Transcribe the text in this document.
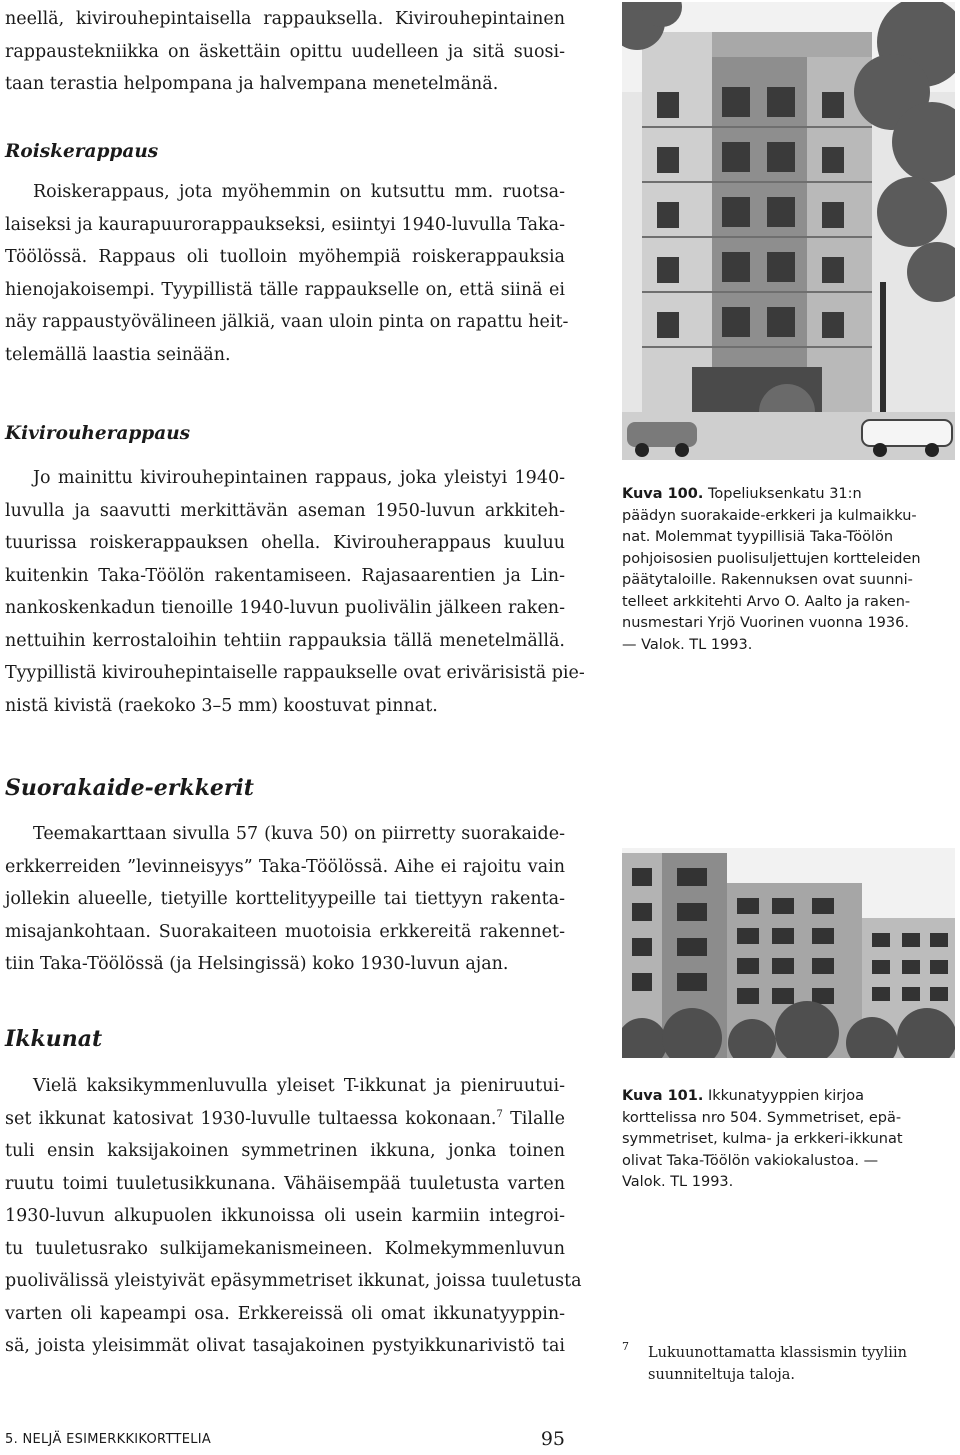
neellä, kivirouhepintaisella rappauksella. Kivirouhepintainen
rappaustekniikka on äskettäin opittu uudelleen ja sitä suosi-
taan terastia helpompana ja halvempana menetelmänä.

Roiskerappaus

Roiskerappaus, jota myöhemmin on kutsuttu mm. ruotsa-
laiseksi ja kaurapuurorappaukseksi, esiintyi 1940-luvulla Taka-
Töölössä. Rappaus oli tuolloin myöhempiä roiskerappauksia
hienojakoisempi. Tyypillistä tälle rappaukselle on, että siinä ei
näy rappaustyövälineen jälkiä, vaan uloin pinta on rapattu heit-
telemällä laastia seinään.

Kivirouherappaus

Jo mainittu kivirouhepintainen rappaus, joka yleistyi 1940-
luvulla ja saavutti merkittävän aseman 1950-luvun arkkiteh-
tuurissa roiskerappauksen ohella. Kivirouherappaus kuuluu
kuitenkin Taka-Töölön rakentamiseen. Rajasaarentien ja Lin-
nankoskenkadun tienoille 1940-luvun puolivälin jälkeen raken-
nettuihin kerrostaloihin tehtiin rappauksia tällä menetelmällä.
Tyypillistä kivirouhepintaiselle rappaukselle ovat erivärisistä pie-
nistä kivistä (raekoko 3–5 mm) koostuvat pinnat.

Suorakaide-erkkerit

Teemakarttaan sivulla 57 (kuva 50) on piirretty suorakaide-
erkkerreiden ”levinneisyys” Taka-Töölössä. Aihe ei rajoitu vain
jollekin alueelle, tietyille korttelityypeille tai tiettyyn rakenta-
misajankohtaan. Suorakaiteen muotoisia erkkereitä rakennet-
tiin Taka-Töölössä (ja Helsingissä) koko 1930-luvun ajan.

Ikkunat

Vielä kaksikymmenluvulla yleiset T-ikkunat ja pieniruutui-
set ikkunat katosivat 1930-luvulle tultaessa kokonaan.$^7$ Tilalle
tuli ensin kaksijakoinen symmetrinen ikkuna, jonka toinen
ruutu toimi tuuletusikkunana. Vähäisempää tuuletusta varten
1930-luvun alkupuolen ikkunoissa oli usein karmiin integroi-
tu tuuletusrako sulkijamekanismeineen. Kolmekymmenluvun
puolivälissä yleistyivät epäsymmetriset ikkunat, joissa tuuletusta
varten oli kapeampi osa. Erkkereissä oli omat ikkunatyyppin-
sä, joista yleisimmät olivat tasajakoinen pystyikkunarivistö tai

Kuva 100. Topeliuksenkatu 31:n
päädyn suorakaide-erkkeri ja kulmaikku-
nat. Molemmat tyypillisiä Taka-Töölön
pohjoisosien puolisuljettujen kortteleiden
päätytaloille. Rakennuksen ovat suunni-
telleet arkkitehti Arvo O. Aalto ja raken-
nusmestari Yrjö Vuorinen vuonna 1936.
— Valok. TL 1993.
Kuva 101. Ikkunatyyppien kirjoa
korttelissa nro 504. Symmetriset, epä-
symmetriset, kulma- ja erkkeri-ikkunat
olivat Taka-Töölön vakiokalustoa. —
Valok. TL 1993.
7	Lukuunottamatta klassismin tyyliin
suunniteltuja taloja.
5. NELJÄ ESIMERKKIKORTTELIA	95
